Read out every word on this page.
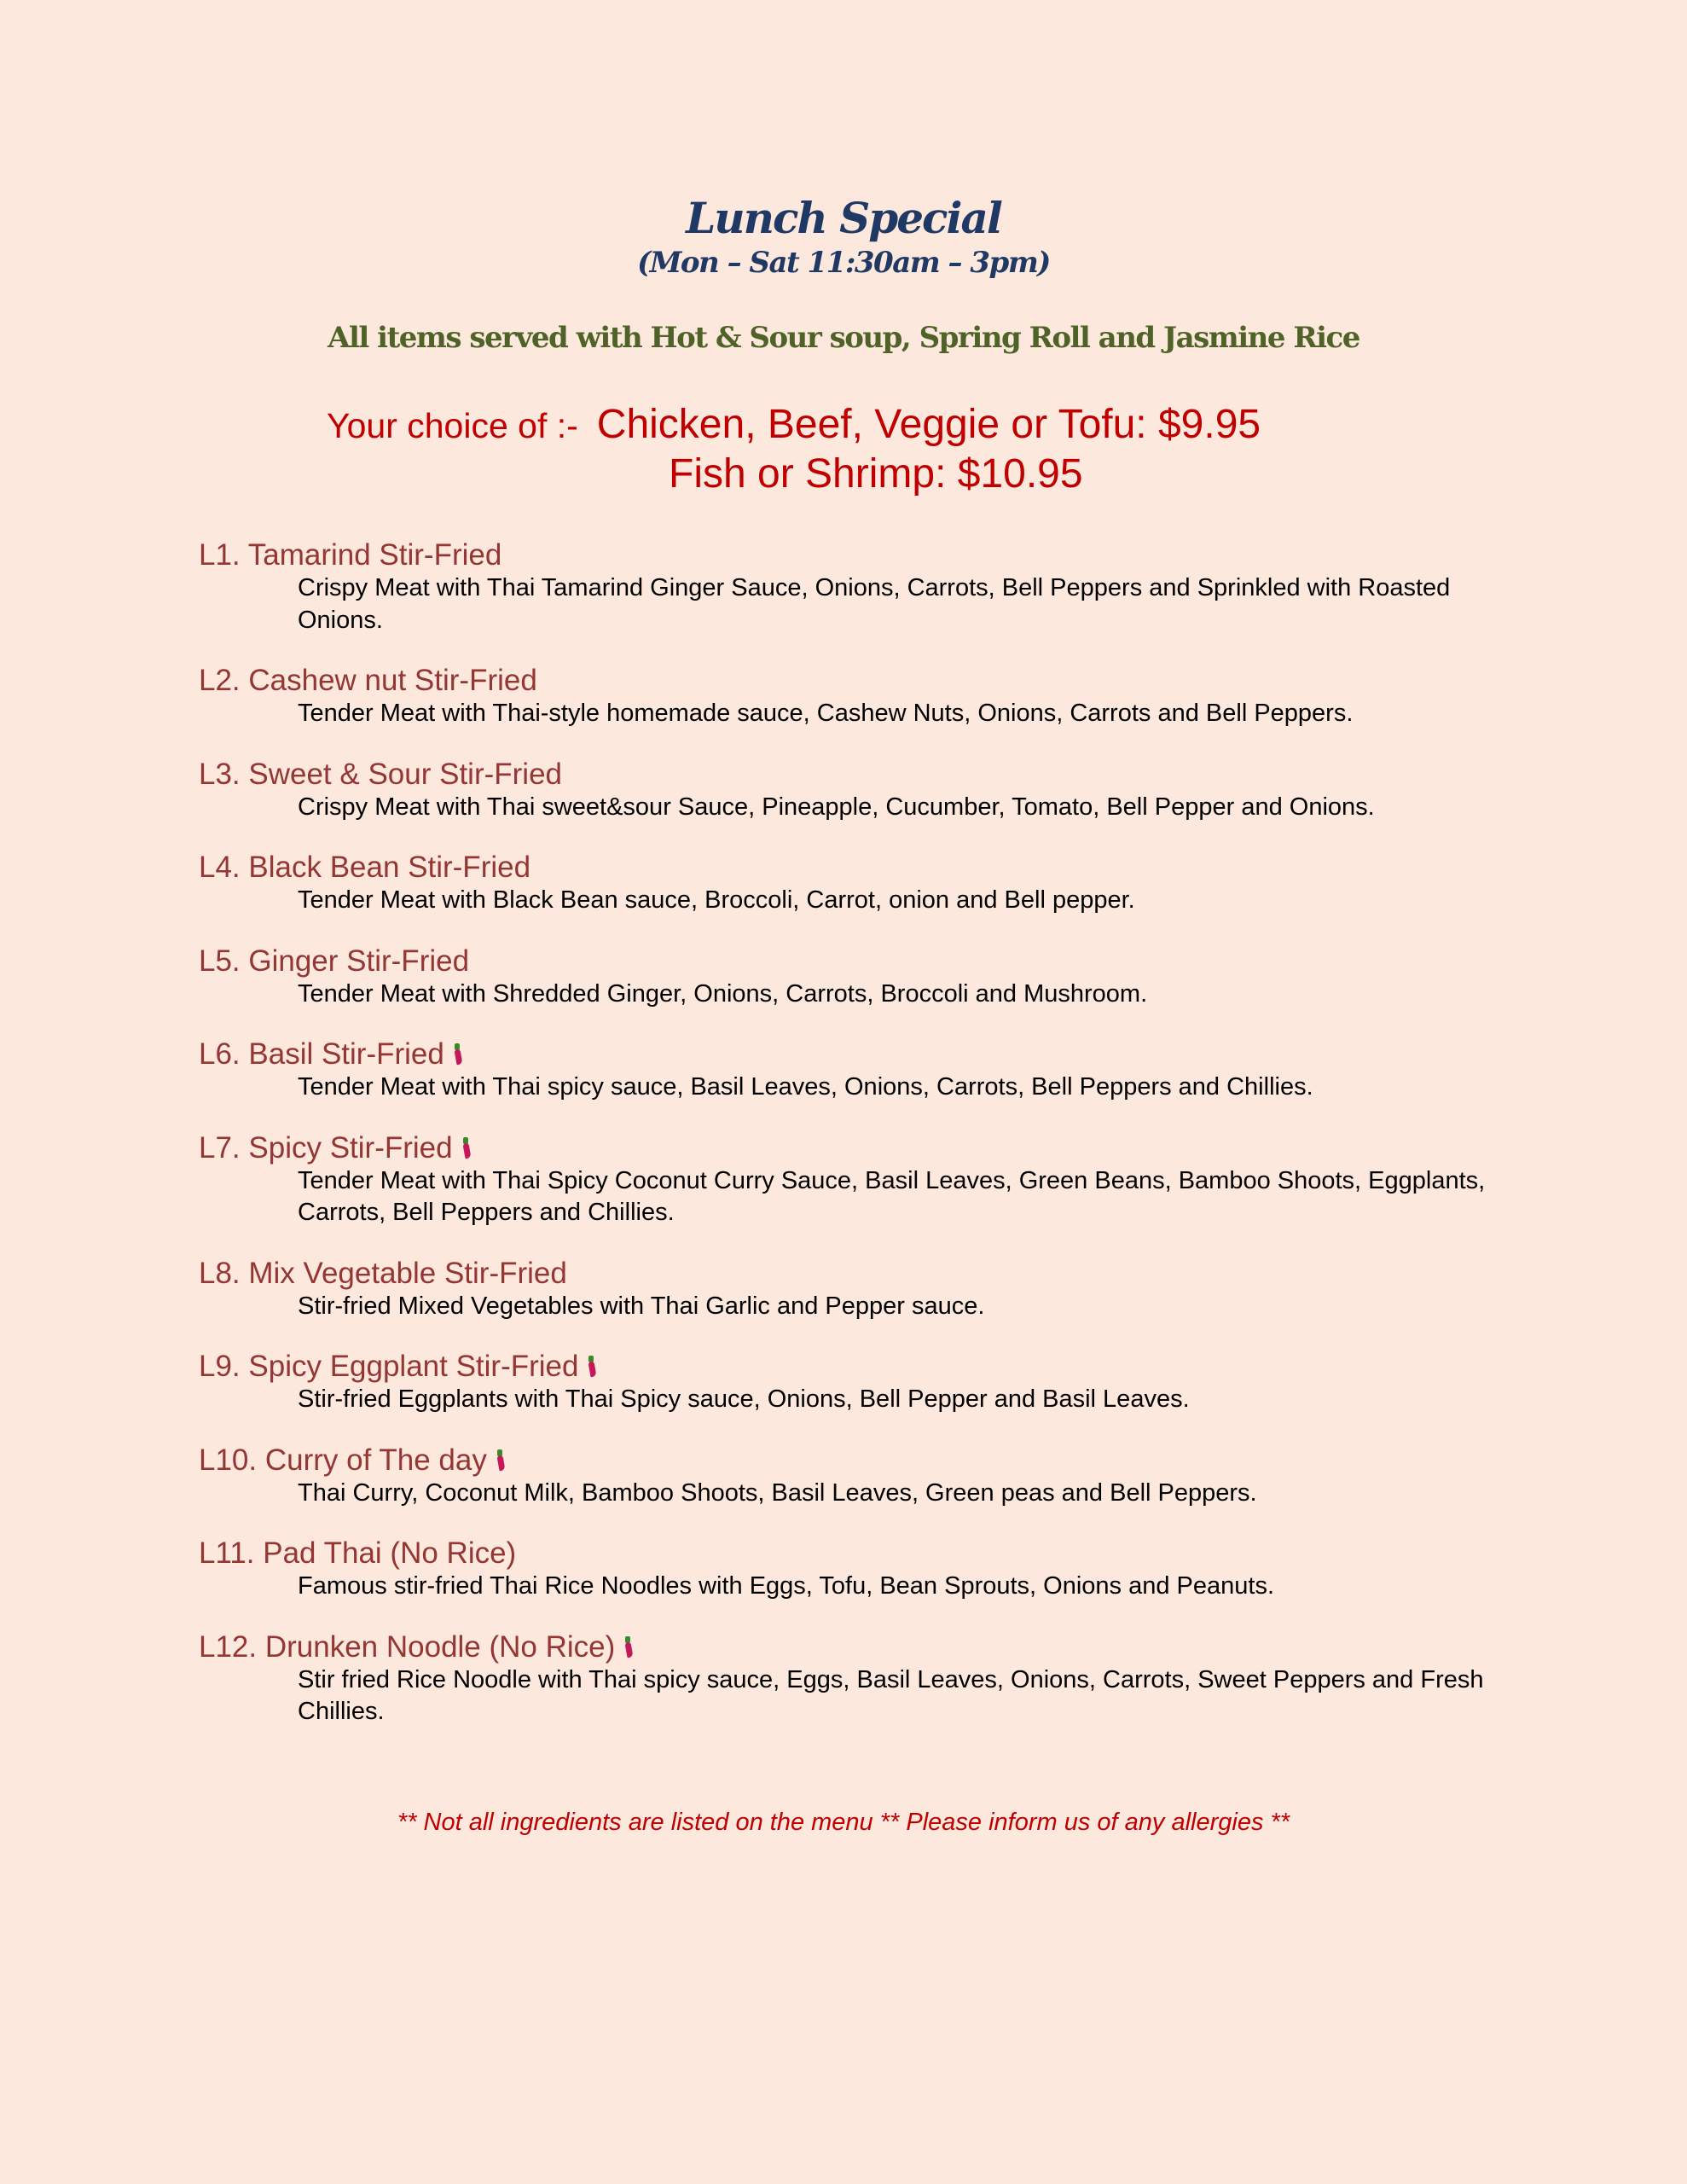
Lunch Special
(Mon – Sat 11:30am – 3pm)
All items served with Hot & Sour soup, Spring Roll and Jasmine Rice
Your choice of :- Chicken, Beef, Veggie or Tofu: $9.95
Fish or Shrimp: $10.95
L1. Tamarind Stir-Fried

Crispy Meat with Thai Tamarind Ginger Sauce, Onions, Carrots, Bell Peppers and Sprinkled with Roasted Onions.

L2. Cashew nut Stir-Fried

Tender Meat with Thai-style homemade sauce, Cashew Nuts, Onions, Carrots and Bell Peppers.

L3. Sweet & Sour Stir-Fried

Crispy Meat with Thai sweet&sour Sauce, Pineapple, Cucumber, Tomato, Bell Pepper and Onions.

L4. Black Bean Stir-Fried

Tender Meat with Black Bean sauce, Broccoli, Carrot, onion and Bell pepper.

L5. Ginger Stir-Fried

Tender Meat with Shredded Ginger, Onions, Carrots, Broccoli and Mushroom.

L6. Basil Stir-Fried

Tender Meat with Thai spicy sauce, Basil Leaves, Onions, Carrots, Bell Peppers and Chillies.

L7. Spicy Stir-Fried

Tender Meat with Thai Spicy Coconut Curry Sauce, Basil Leaves, Green Beans, Bamboo Shoots, Eggplants, Carrots, Bell Peppers and Chillies.

L8. Mix Vegetable Stir-Fried

Stir-fried Mixed Vegetables with Thai Garlic and Pepper sauce.

L9. Spicy Eggplant Stir-Fried

Stir-fried Eggplants with Thai Spicy sauce, Onions, Bell Pepper and Basil Leaves.

L10. Curry of The day

Thai Curry, Coconut Milk, Bamboo Shoots, Basil Leaves, Green peas and Bell Peppers.

L11. Pad Thai (No Rice)

Famous stir-fried Thai Rice Noodles with Eggs, Tofu, Bean Sprouts, Onions and Peanuts.

L12. Drunken Noodle (No Rice)

Stir fried Rice Noodle with Thai spicy sauce, Eggs, Basil Leaves, Onions, Carrots, Sweet Peppers and Fresh Chillies.

** Not all ingredients are listed on the menu ** Please inform us of any allergies **
